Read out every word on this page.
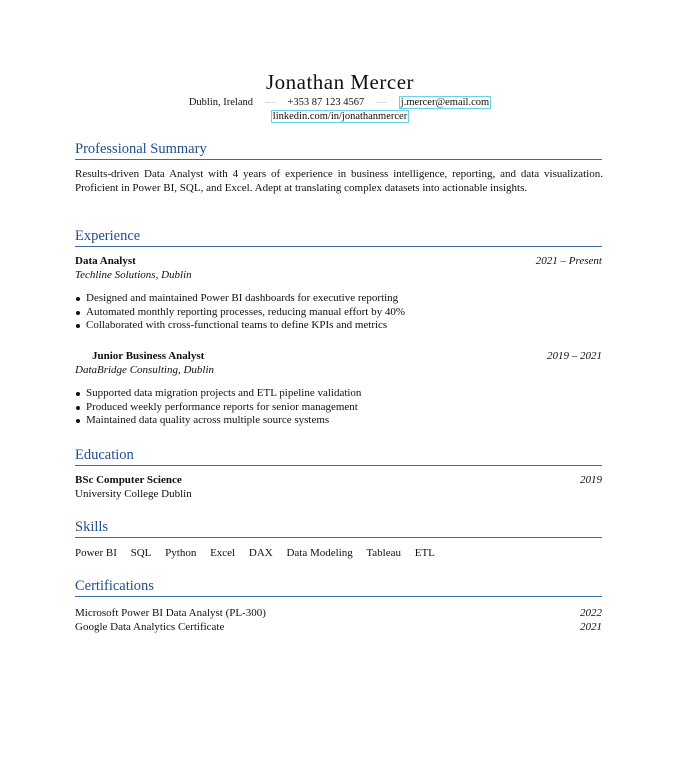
Jonathan Mercer
Dublin, Ireland — +353 87 123 4567 — j.mercer@email.com
linkedin.com/in/jonathanmercer
Professional Summary
Results-driven Data Analyst with 4 years of experience in business intelligence, reporting, and data visualization. Proficient in Power BI, SQL, and Excel. Adept at translating complex datasets into actionable insights.
Experience
Data Analyst	2021 – Present
Techline Solutions, Dublin
Designed and maintained Power BI dashboards for executive reporting
Automated monthly reporting processes, reducing manual effort by 40%
Collaborated with cross-functional teams to define KPIs and metrics
Junior Business Analyst	2019 – 2021
DataBridge Consulting, Dublin
Supported data migration projects and ETL pipeline validation
Produced weekly performance reports for senior management
Maintained data quality across multiple source systems
Education
BSc Computer Science	2019
University College Dublin
Skills
Power BI SQL Python Excel DAX Data Modeling Tableau ETL
Certifications
Microsoft Power BI Data Analyst (PL-300)	2022
Google Data Analytics Certificate	2021
